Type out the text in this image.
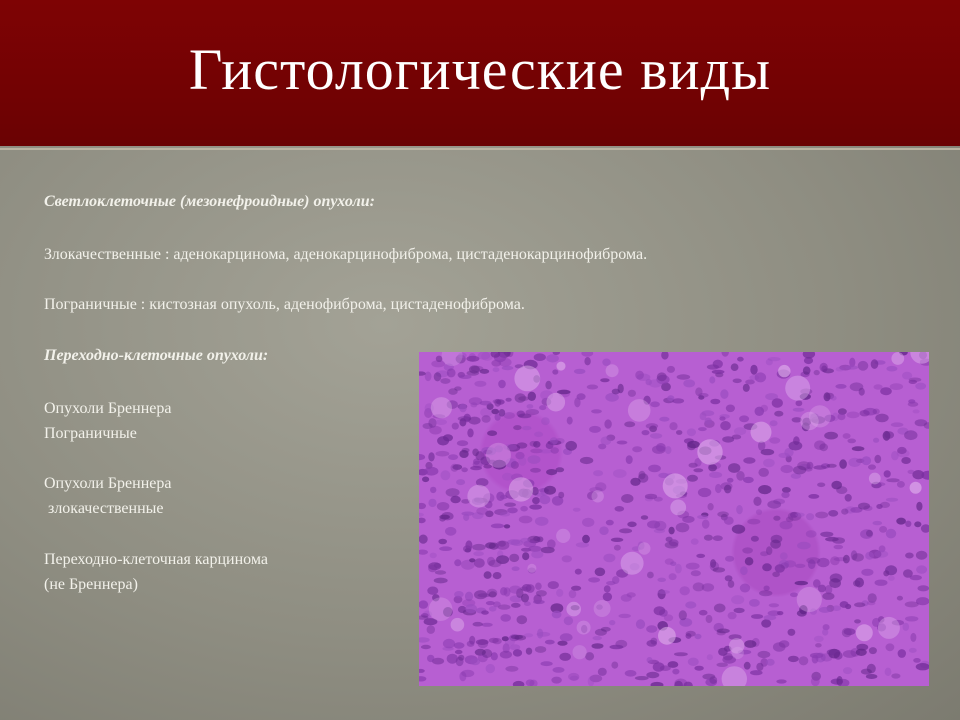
Гистологические виды
Светлоклеточные (мезонефроидные) опухоли:
Злокачественные : аденокарцинома, аденокарцинофиброма, цистаденокарцинофиброма.
Пограничные : кистозная опухоль, аденофиброма, цистаденофиброма.
Переходно-клеточные опухоли:
Опухоли Бреннера
Пограничные
Опухоли Бреннера
злокачественные
Переходно-клеточная карцинома
(не Бреннера)
